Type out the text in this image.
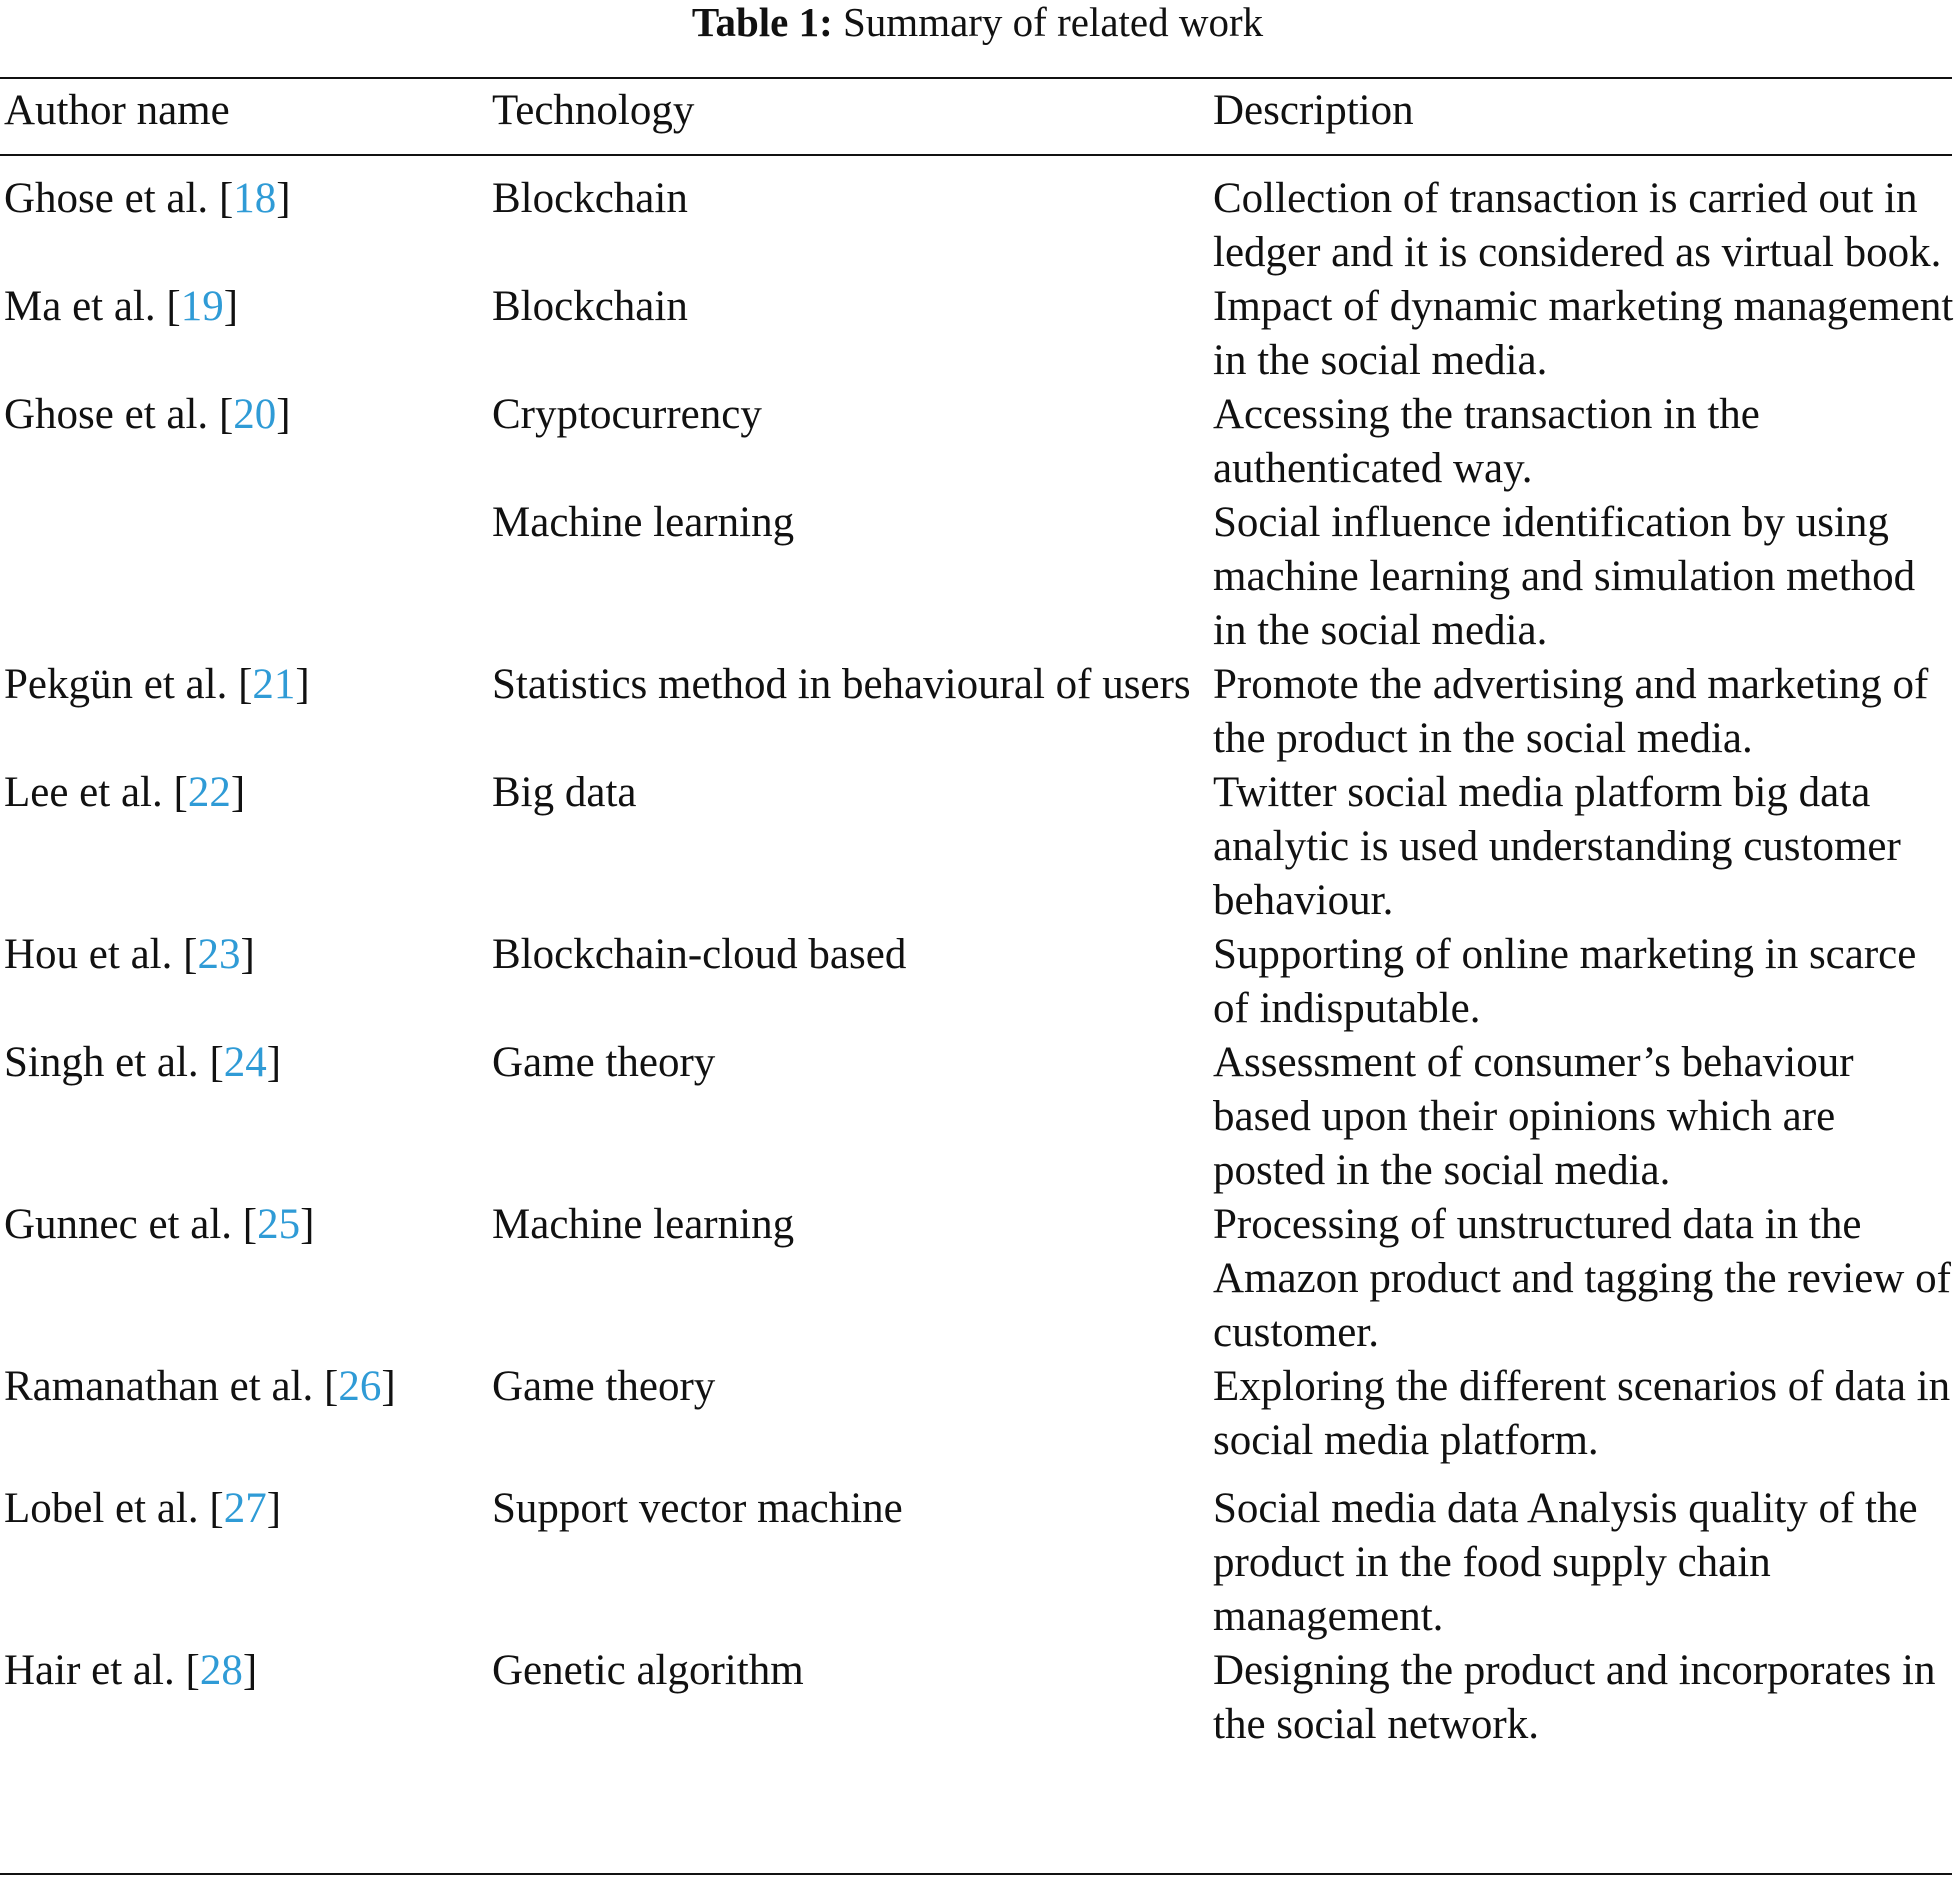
Table 1: Summary of related work
Author name	Technology	Description
Ghose et al. [18]	Blockchain	Collection of transaction is carried out in ledger and it is considered as virtual book.
Ma et al. [19]	Blockchain	Impact of dynamic marketing management in the social media.
Ghose et al. [20]	Cryptocurrency	Accessing the transaction in the authenticated way.
	Machine learning	Social influence identification by using machine learning and simulation method in the social media.
Pekgün et al. [21]	Statistics method in behavioural of users	Promote the advertising and marketing of the product in the social media.
Lee et al. [22]	Big data	Twitter social media platform big data analytic is used understanding customer behaviour.
Hou et al. [23]	Blockchain-cloud based	Supporting of online marketing in scarce of indisputable.
Singh et al. [24]	Game theory	Assessment of consumer’s behaviour based upon their opinions which are posted in the social media.
Gunnec et al. [25]	Machine learning	Processing of unstructured data in the Amazon product and tagging the review of customer.
Ramanathan et al. [26]	Game theory	Exploring the different scenarios of data in social media platform.
Lobel et al. [27]	Support vector machine	Social media data Analysis quality of the product in the food supply chain management.
Hair et al. [28]	Genetic algorithm	Designing the product and incorporates in the social network.
